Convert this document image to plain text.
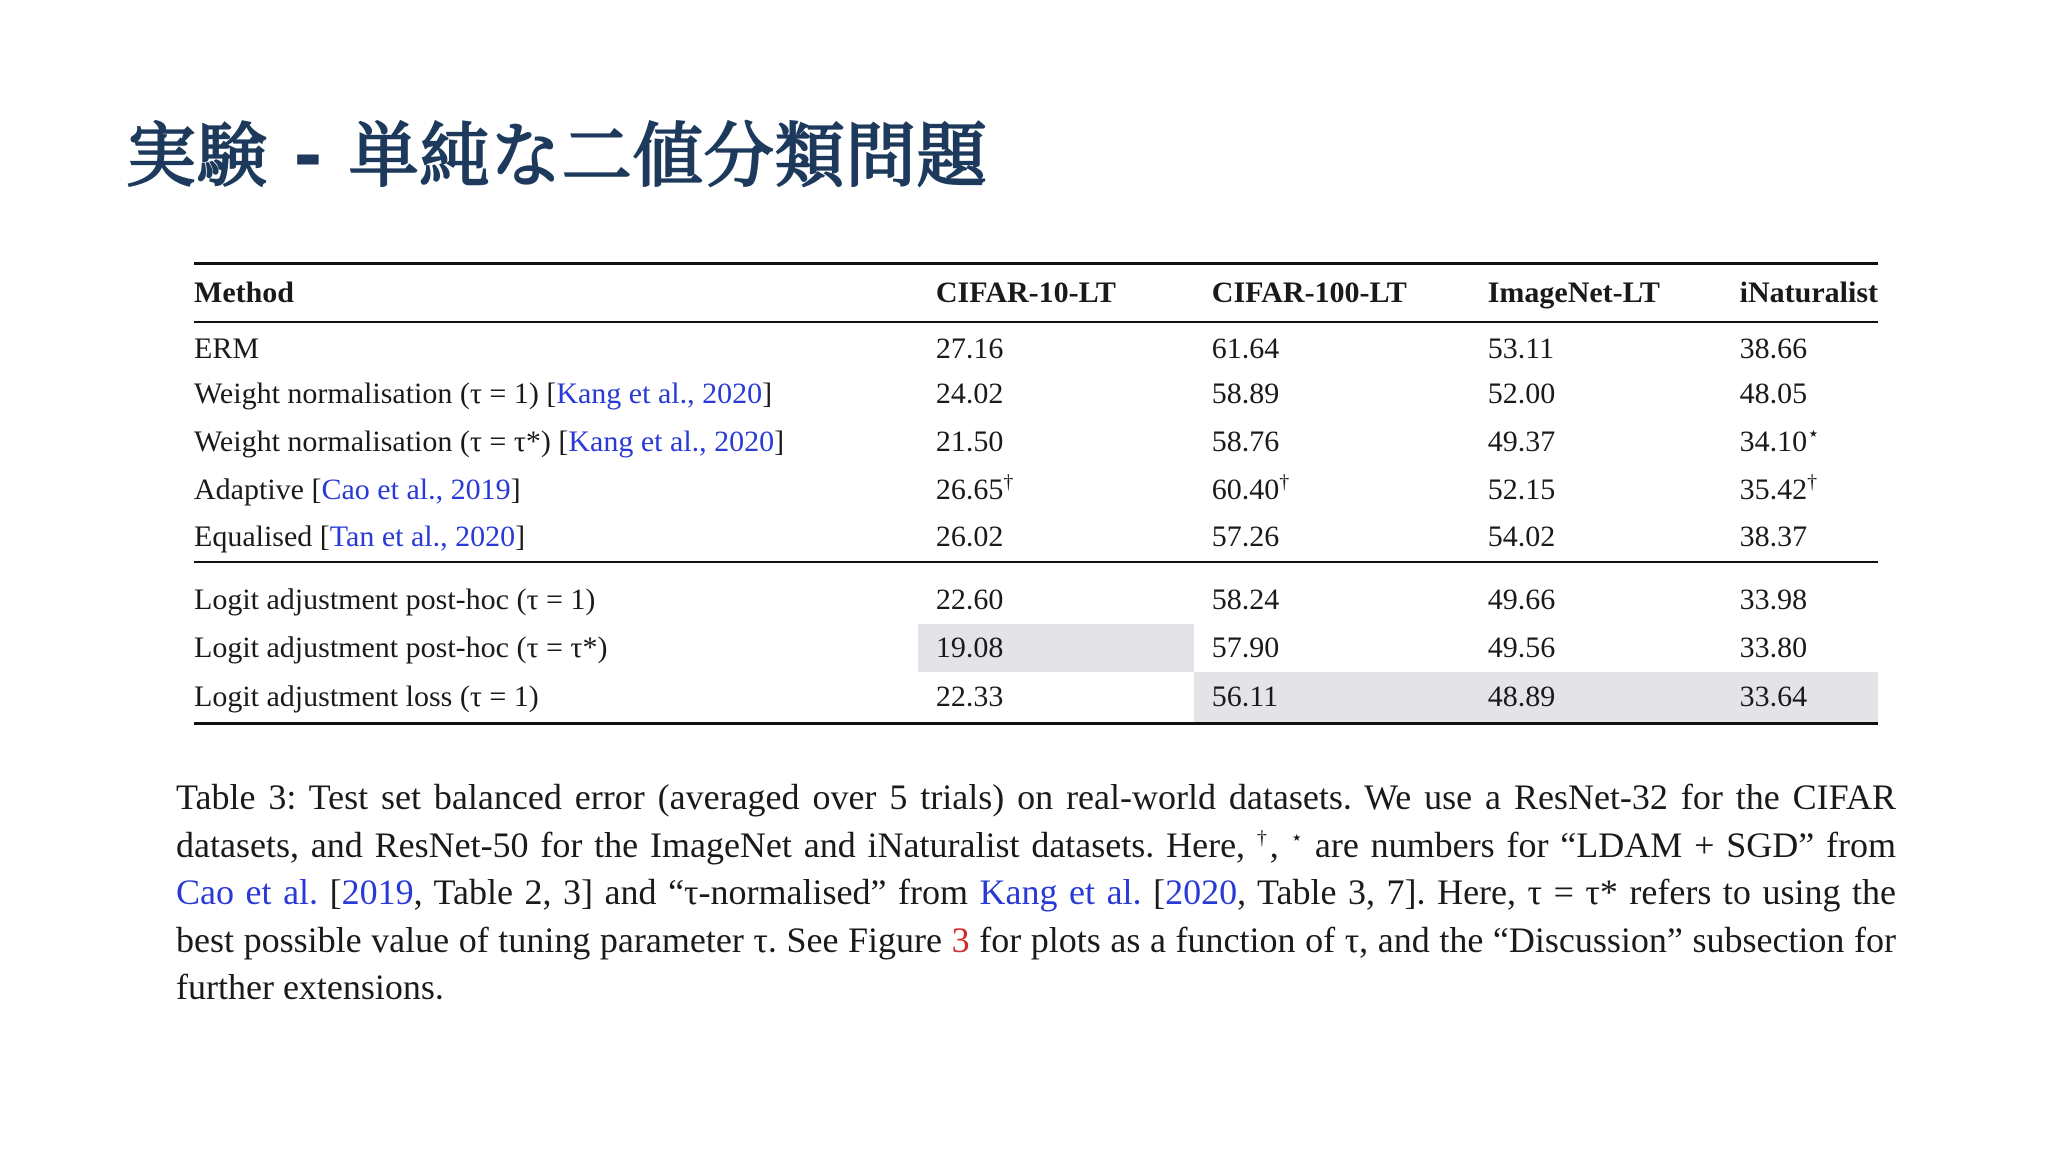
実験 - 単純な二値分類問題
Method	CIFAR-10-LT	CIFAR-100-LT	ImageNet-LT	iNaturalist
ERM	27.16	61.64	53.11	38.66
Weight normalisation (τ = 1) [Kang et al., 2020]	24.02	58.89	52.00	48.05
Weight normalisation (τ = τ*) [Kang et al., 2020]	21.50	58.76	49.37	34.10⋆
Adaptive [Cao et al., 2019]	26.65†	60.40†	52.15	35.42†
Equalised [Tan et al., 2020]	26.02	57.26	54.02	38.37
Logit adjustment post-hoc (τ = 1)	22.60	58.24	49.66	33.98
Logit adjustment post-hoc (τ = τ*)	19.08	57.90	49.56	33.80
Logit adjustment loss (τ = 1)	22.33	56.11	48.89	33.64

Table 3: Test set balanced error (averaged over 5 trials) on real-world datasets. We use a ResNet-32 for the CIFAR datasets, and ResNet-50 for the ImageNet and iNaturalist datasets. Here, †, ⋆ are numbers for “LDAM + SGD” from Cao et al. [2019, Table 2, 3] and “τ-normalised” from Kang et al. [2020, Table 3, 7]. Here, τ = τ* refers to using the best possible value of tuning parameter τ. See Figure 3 for plots as a function of τ, and the “Discussion” subsection for further extensions.
